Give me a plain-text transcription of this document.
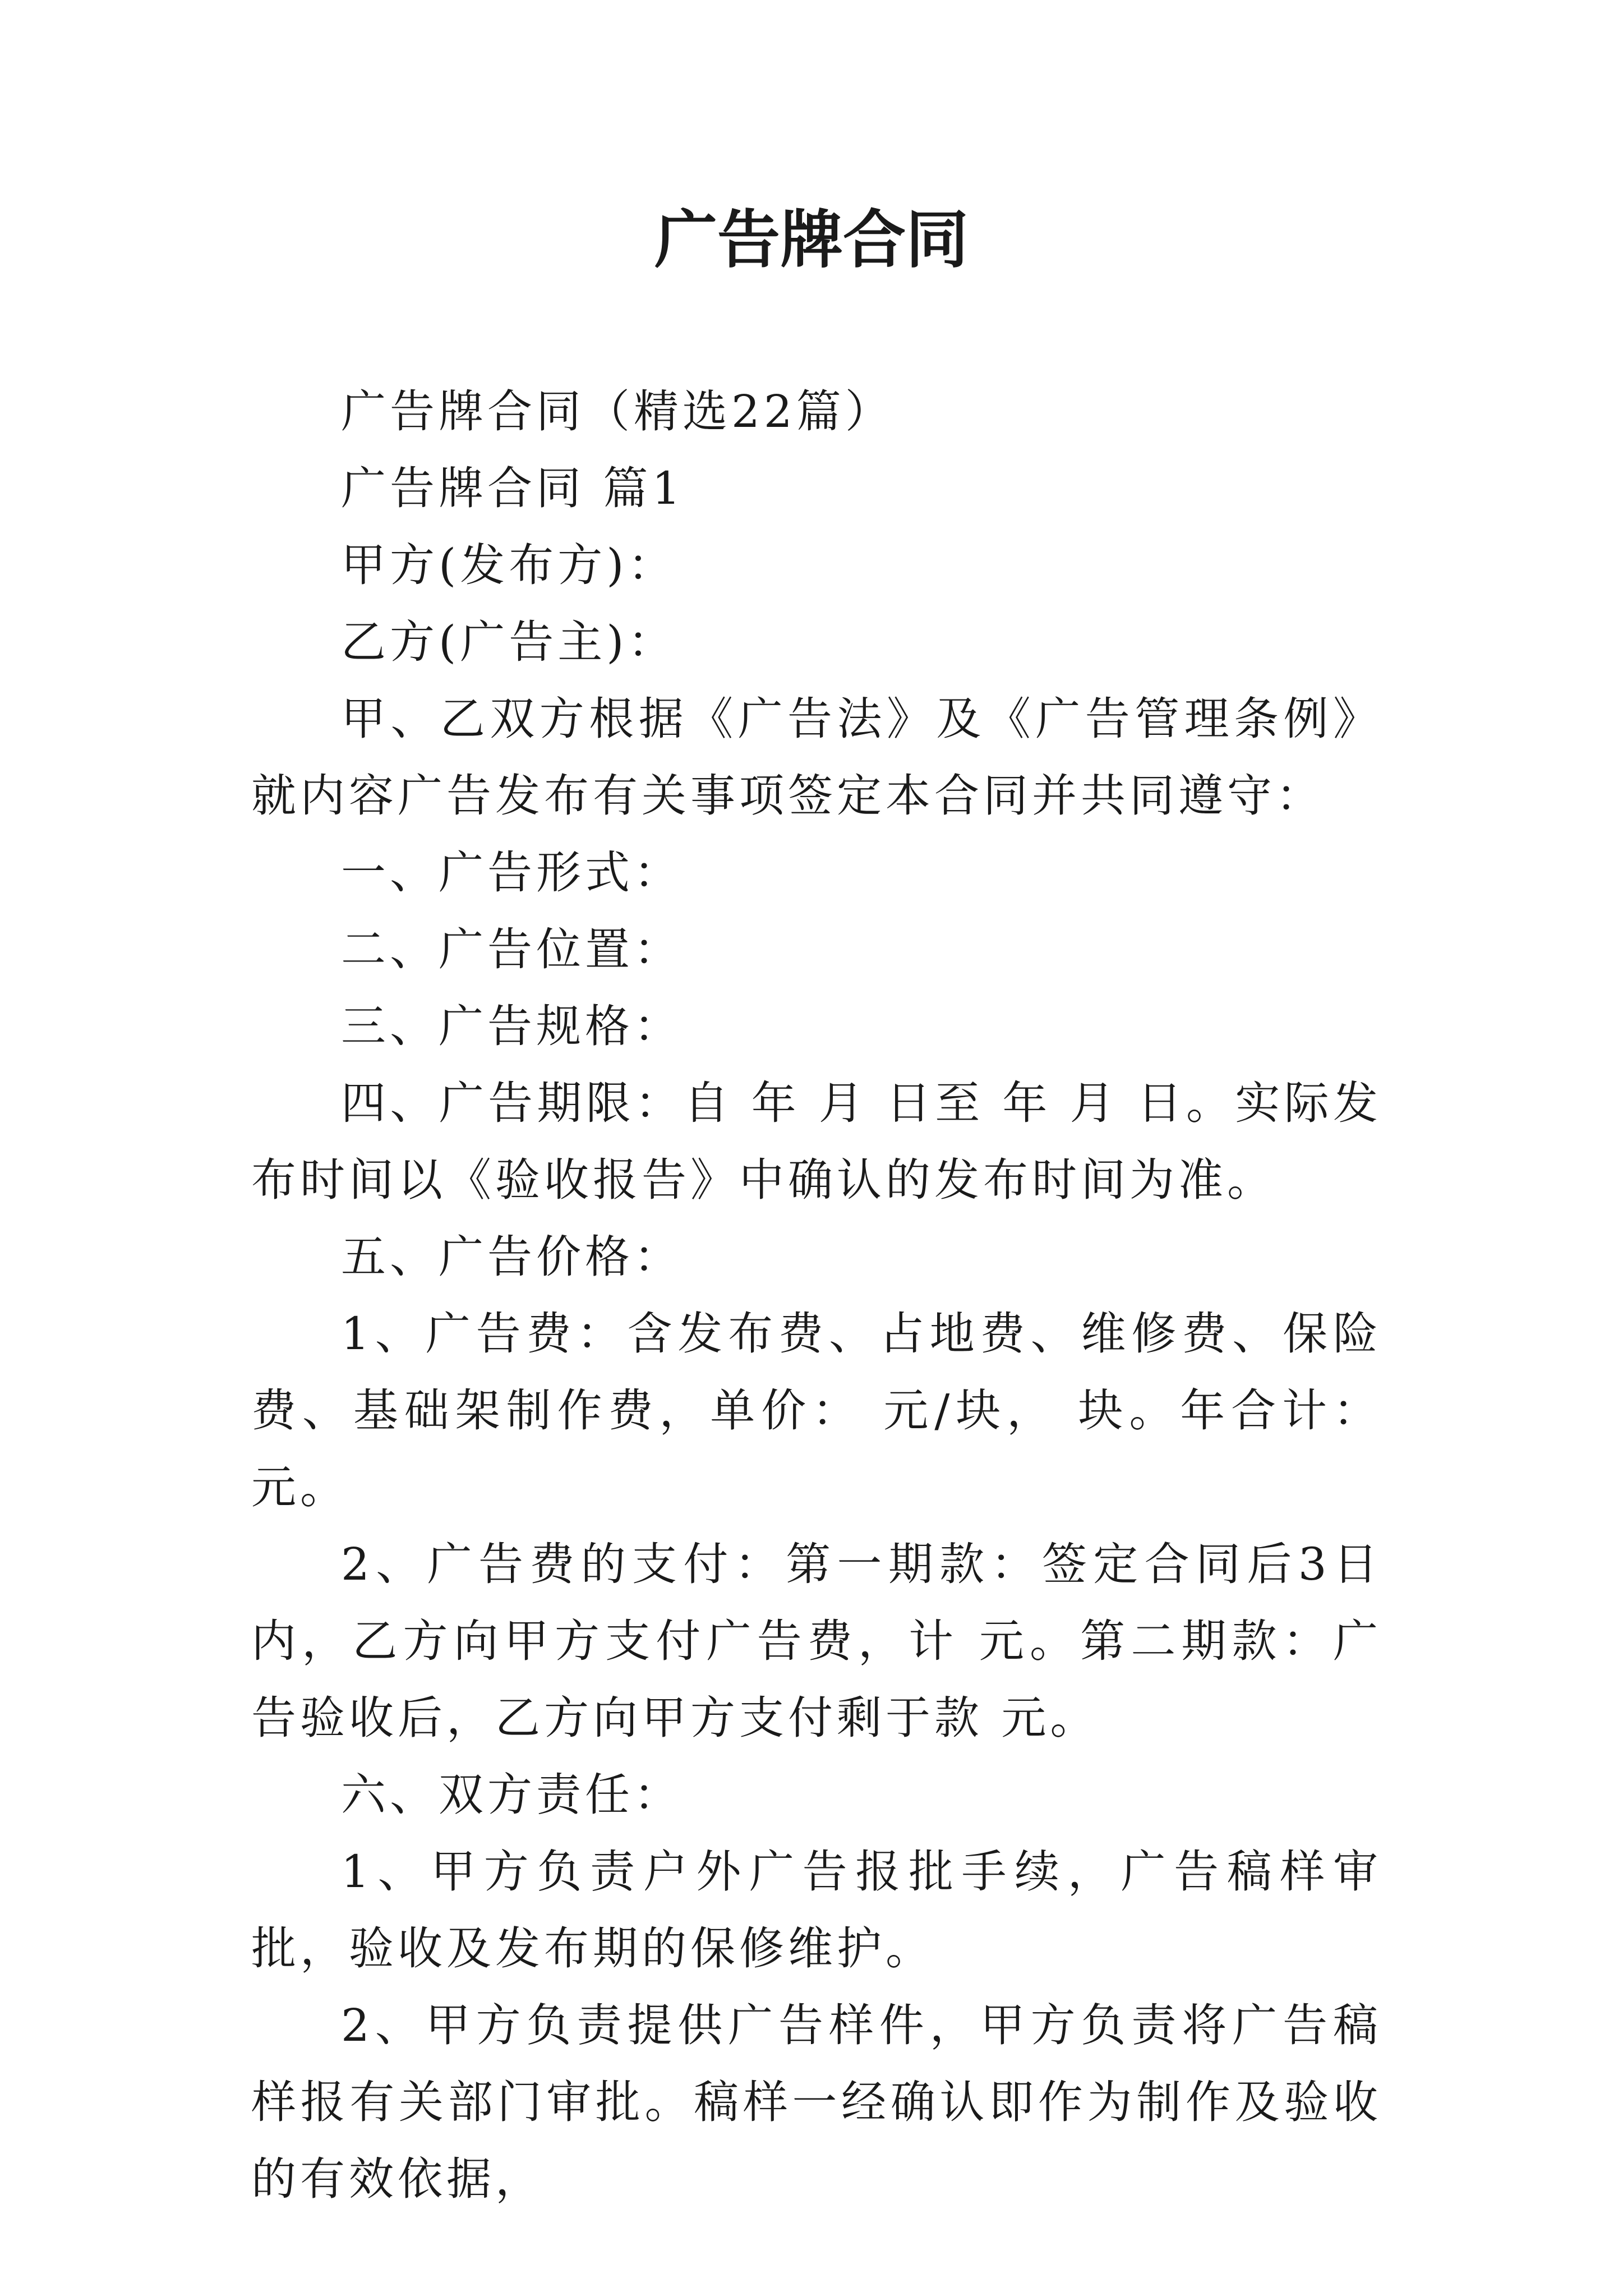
广告牌合同

广告牌合同（精选22篇）

广告牌合同 篇1

甲方(发布方)：

乙方(广告主)：

甲、乙双方根据《广告法》及《广告管理条例》就内容广告发布有关事项签定本合同并共同遵守：

一、广告形式：

二、广告位置：

三、广告规格：

四、广告期限：自 年 月 日至 年 月 日。实际发布时间以《验收报告》中确认的发布时间为准。

五、广告价格：

1、广告费：含发布费、占地费、维修费、保险费、基础架制作费，单价： 元/块， 块。年合计： 元。

2、广告费的支付：第一期款：签定合同后3日内，乙方向甲方支付广告费，计 元。第二期款：广告验收后，乙方向甲方支付剩于款 元。

六、双方责任：

1、甲方负责户外广告报批手续，广告稿样审批，验收及发布期的保修维护。

2、甲方负责提供广告样件，甲方负责将广告稿样报有关部门审批。稿样一经确认即作为制作及验收的有效依据，
